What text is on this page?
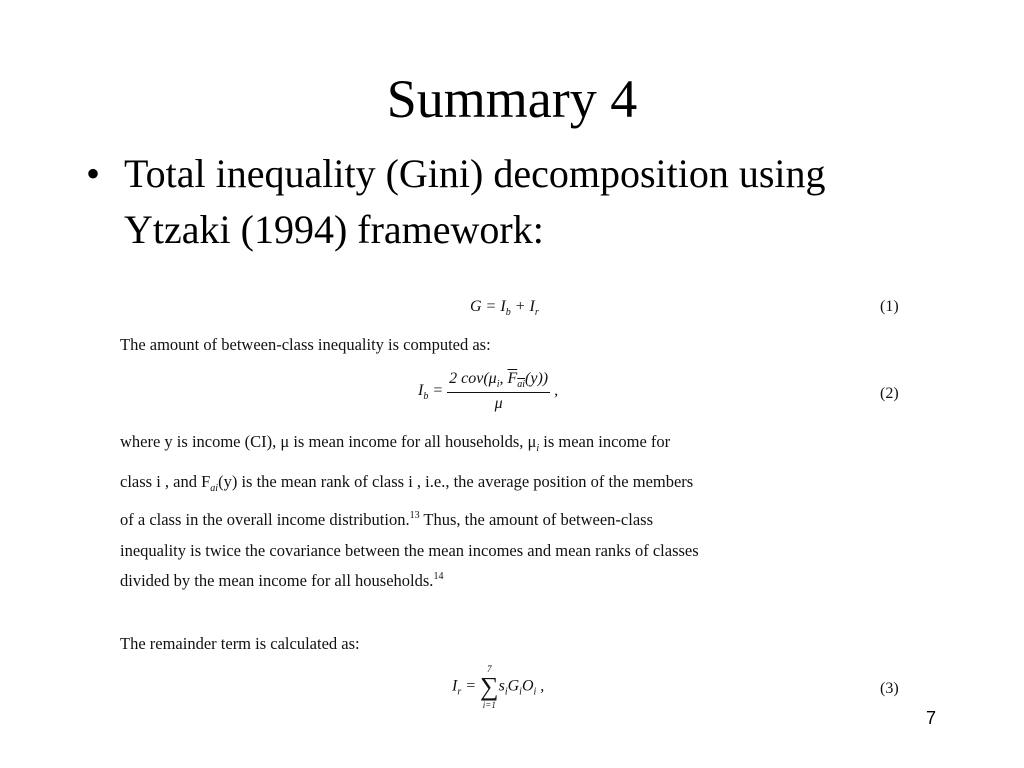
Summary 4
• Total inequality (Gini) decomposition using
Ytzaki (1994) framework:
$G = I_b + I_r$	(1)
The amount of between-class inequality is computed as:
$I_b = \frac{2 cov(\mu_i, F_{ai}(y))}{\mu}$ ,	(2)
where y is income (CI), μ is mean income for all households, $\mu_i$ is mean income for
class i , and $F_{ai}(y)$ is the mean rank of class i , i.e., the average position of the members
of a class in the overall income distribution.$^{13}$ Thus, the amount of between-class
inequality is twice the covariance between the mean incomes and mean ranks of classes
divided by the mean income for all households.$^{14}$
The remainder term is calculated as:
$I_r$ =
7
∑
i=1
$s_iG_iO_i$ ,	(3)
7
